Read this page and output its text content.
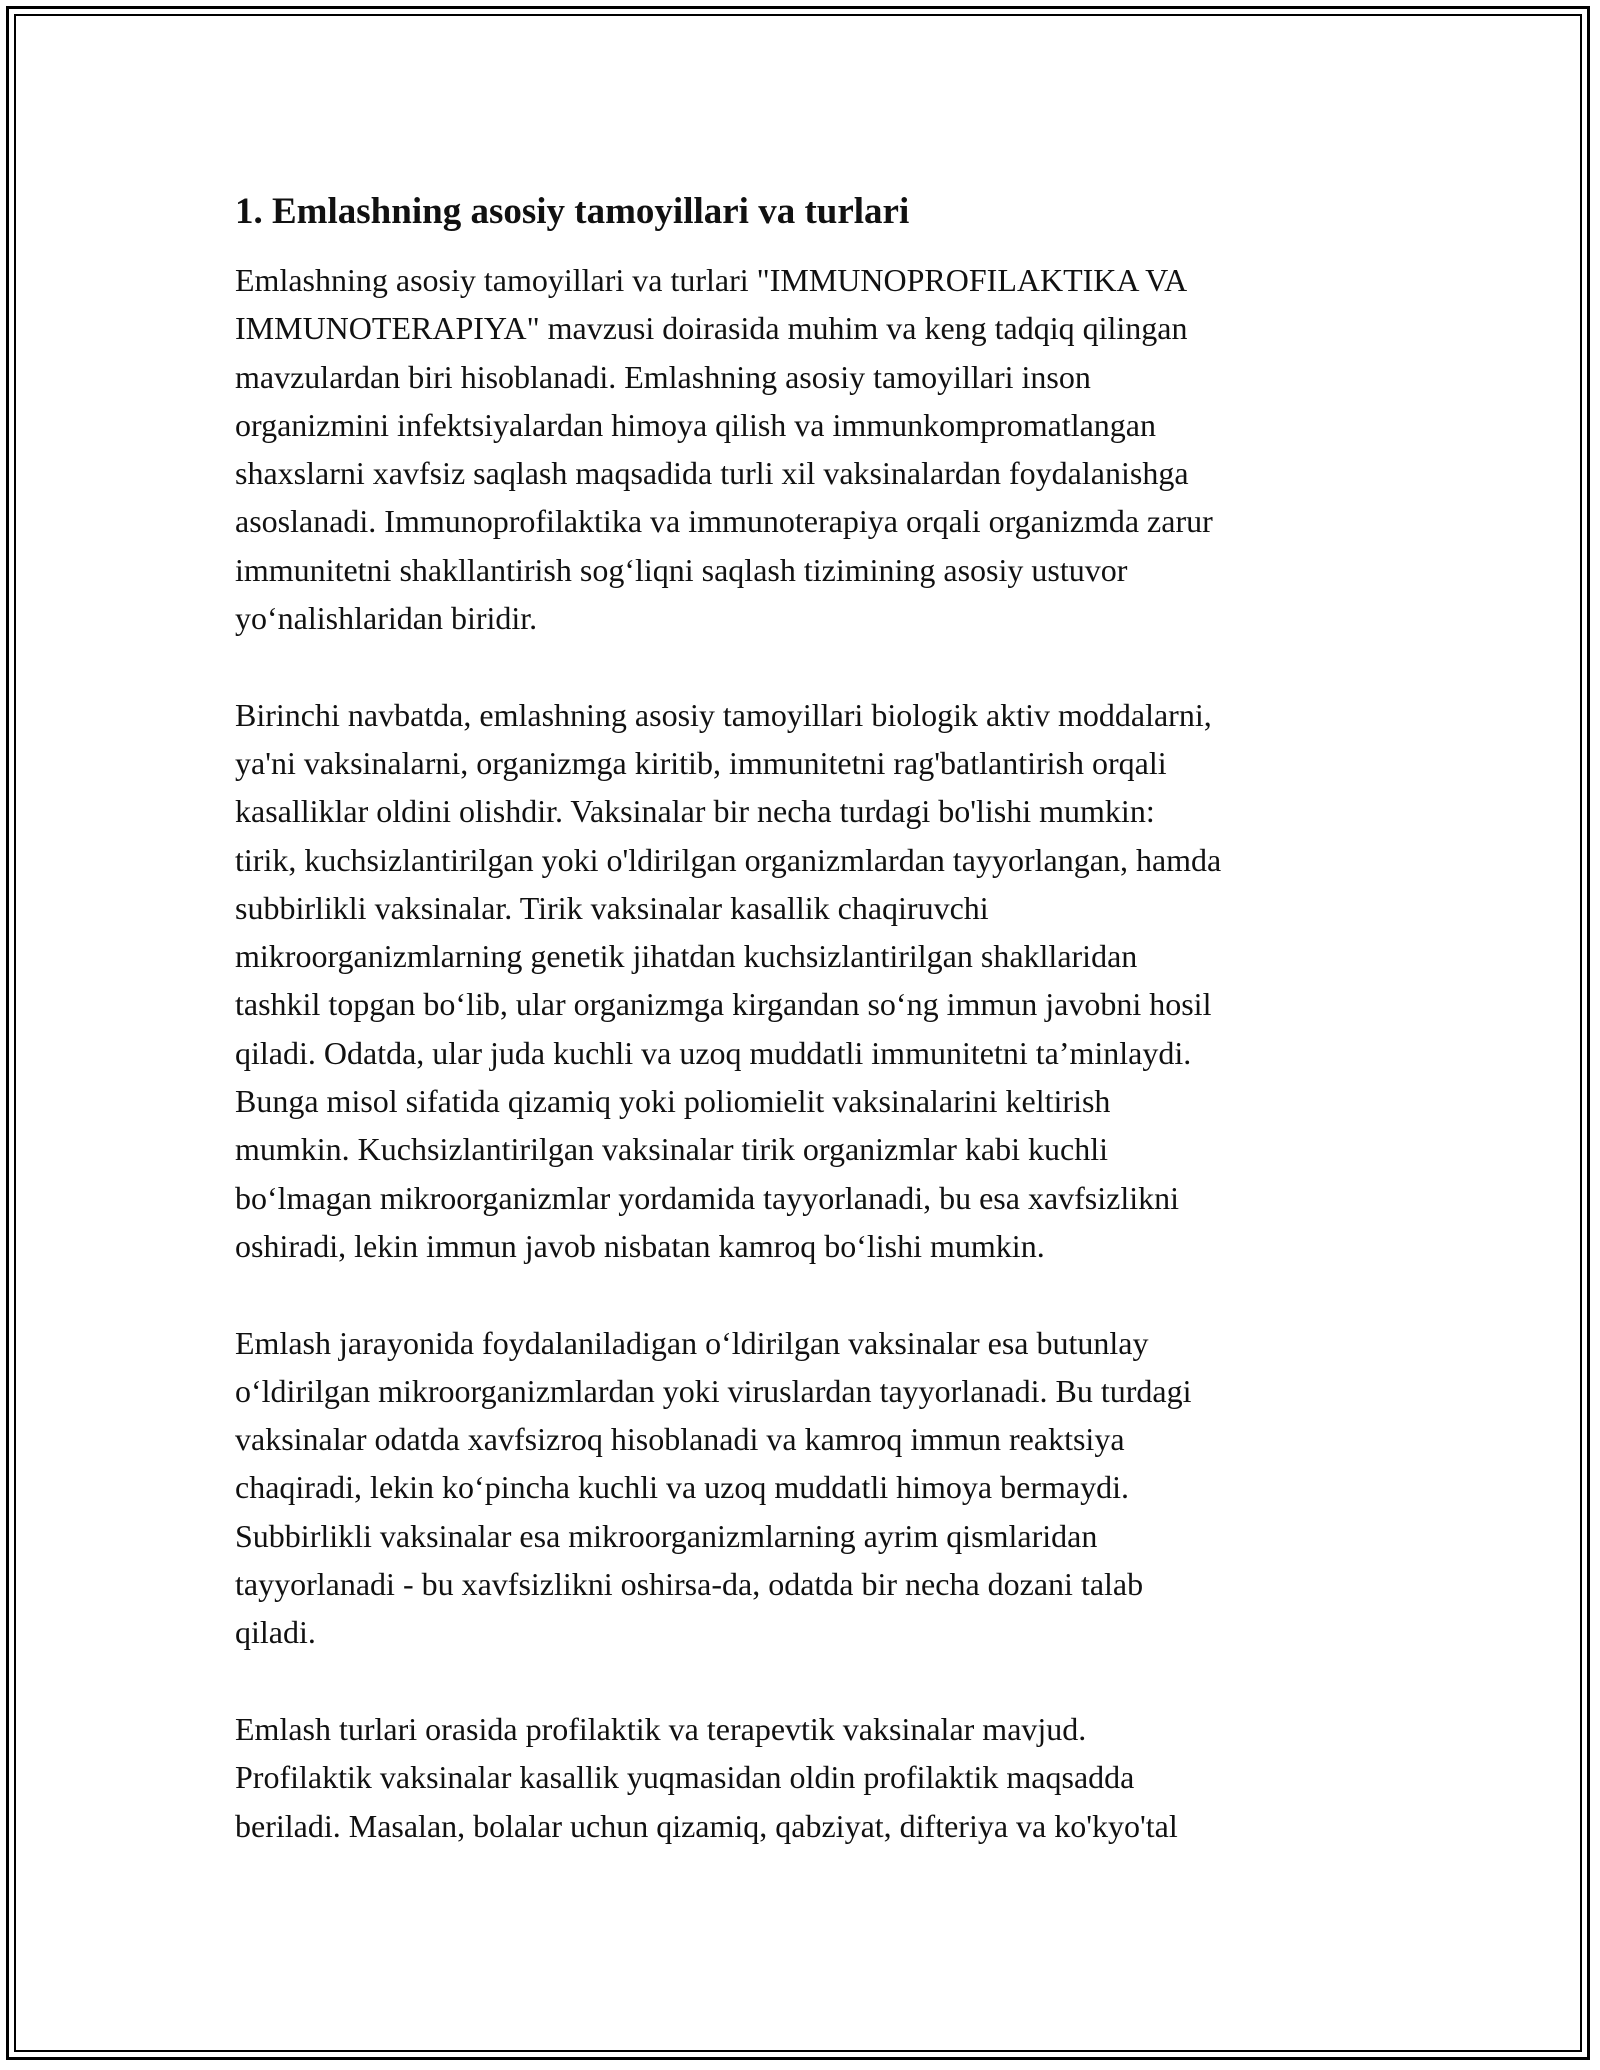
1. Emlashning asosiy tamoyillari va turlari

Emlashning asosiy tamoyillari va turlari "IMMUNOPROFILAKTIKA VA
IMMUNOTERAPIYA" mavzusi doirasida muhim va keng tadqiq qilingan
mavzulardan biri hisoblanadi. Emlashning asosiy tamoyillari inson
organizmini infektsiyalardan himoya qilish va immunkompromatlangan
shaxslarni xavfsiz saqlash maqsadida turli xil vaksinalardan foydalanishga
asoslanadi. Immunoprofilaktika va immunoterapiya orqali organizmda zarur
immunitetni shakllantirish sog‘liqni saqlash tizimining asosiy ustuvor
yo‘nalishlaridan biridir.

Birinchi navbatda, emlashning asosiy tamoyillari biologik aktiv moddalarni,
ya'ni vaksinalarni, organizmga kiritib, immunitetni rag'batlantirish orqali
kasalliklar oldini olishdir. Vaksinalar bir necha turdagi bo'lishi mumkin:
tirik, kuchsizlantirilgan yoki o'ldirilgan organizmlardan tayyorlangan, hamda
subbirlikli vaksinalar. Tirik vaksinalar kasallik chaqiruvchi
mikroorganizmlarning genetik jihatdan kuchsizlantirilgan shakllaridan
tashkil topgan bo‘lib, ular organizmga kirgandan so‘ng immun javobni hosil
qiladi. Odatda, ular juda kuchli va uzoq muddatli immunitetni ta’minlaydi.
Bunga misol sifatida qizamiq yoki poliomielit vaksinalarini keltirish
mumkin. Kuchsizlantirilgan vaksinalar tirik organizmlar kabi kuchli
bo‘lmagan mikroorganizmlar yordamida tayyorlanadi, bu esa xavfsizlikni
oshiradi, lekin immun javob nisbatan kamroq bo‘lishi mumkin.

Emlash jarayonida foydalaniladigan o‘ldirilgan vaksinalar esa butunlay
o‘ldirilgan mikroorganizmlardan yoki viruslardan tayyorlanadi. Bu turdagi
vaksinalar odatda xavfsizroq hisoblanadi va kamroq immun reaktsiya
chaqiradi, lekin ko‘pincha kuchli va uzoq muddatli himoya bermaydi.
Subbirlikli vaksinalar esa mikroorganizmlarning ayrim qismlaridan
tayyorlanadi - bu xavfsizlikni oshirsa-da, odatda bir necha dozani talab
qiladi.

Emlash turlari orasida profilaktik va terapevtik vaksinalar mavjud.
Profilaktik vaksinalar kasallik yuqmasidan oldin profilaktik maqsadda
beriladi. Masalan, bolalar uchun qizamiq, qabziyat, difteriya va ko'kyo'tal
